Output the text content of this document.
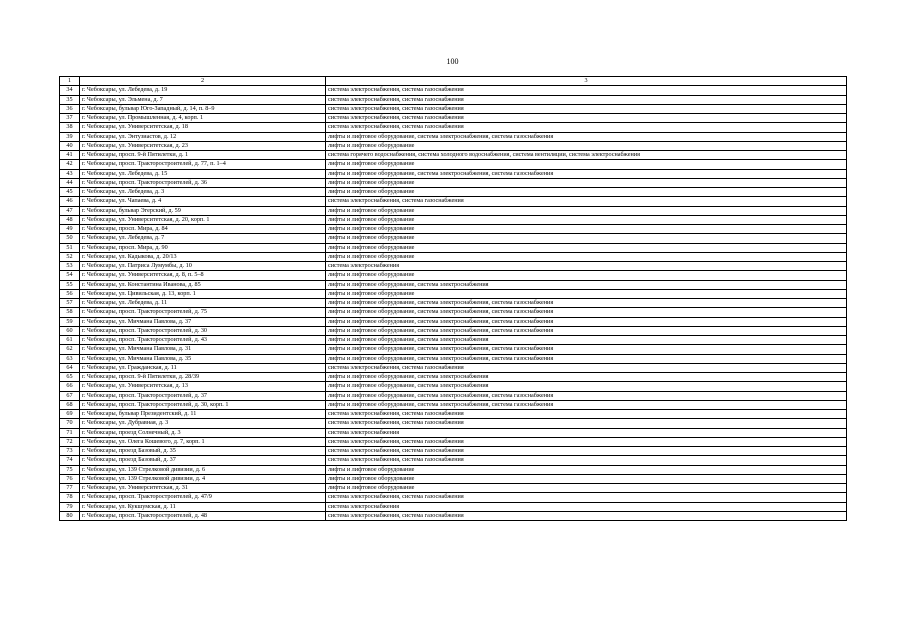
100
1	2	3
34	г. Чебоксары, ул. Лебедева, д. 19	система электроснабжения, система газоснабжения
35	г. Чебоксары, ул. Эльмена, д. 7	система электроснабжения, система газоснабжения
36	г. Чебоксары, бульвар Юго-Западный, д. 14, п. 8–9	система электроснабжения, система газоснабжения
37	г. Чебоксары, ул. Промышленная, д. 4, корп. 1	система электроснабжения, система газоснабжения
38	г. Чебоксары, ул. Университетская, д. 18	система электроснабжения, система газоснабжения
39	г. Чебоксары, ул. Энтузиастов, д. 12	лифты и лифтовое оборудование, система электроснабжения, система газоснабжения
40	г. Чебоксары, ул. Университетская, д. 23	лифты и лифтовое оборудование
41	г. Чебоксары, просп. 9-й Пятилетки, д. 1	система горячего водоснабжения, система холодного водоснабжения, система вентиляции, система электроснабжения
42	г. Чебоксары, просп. Тракторостроителей, д. 77, п. 1–4	лифты и лифтовое оборудование
43	г. Чебоксары, ул. Лебедева, д. 15	лифты и лифтовое оборудование, система электроснабжения, система газоснабжения
44	г. Чебоксары, просп. Тракторостроителей, д. 36	лифты и лифтовое оборудование
45	г. Чебоксары, ул. Лебедева, д. 3	лифты и лифтовое оборудование
46	г. Чебоксары, ул. Чапаева, д. 4	система электроснабжения, система газоснабжения
47	г. Чебоксары, бульвар Эгерский, д. 59	лифты и лифтовое оборудование
48	г. Чебоксары, ул. Университетская, д. 20, корп. 1	лифты и лифтовое оборудование
49	г. Чебоксары, просп. Мира, д. 84	лифты и лифтовое оборудование
50	г. Чебоксары, ул. Лебедева, д. 7	лифты и лифтовое оборудование
51	г. Чебоксары, просп. Мира, д. 90	лифты и лифтовое оборудование
52	г. Чебоксары, ул. Кадыкова, д. 20/13	лифты и лифтовое оборудование
53	г. Чебоксары, ул. Патриса Лумумбы, д. 10	система электроснабжения
54	г. Чебоксары, ул. Университетская, д. 8, п. 5–8	лифты и лифтовое оборудование
55	г. Чебоксары, ул. Константина Иванова, д. 85	лифты и лифтовое оборудование, система электроснабжения
56	г. Чебоксары, ул. Цивильская, д. 13, корп. 1	лифты и лифтовое оборудование
57	г. Чебоксары, ул. Лебедева, д. 11	лифты и лифтовое оборудование, система электроснабжения, система газоснабжения
58	г. Чебоксары, просп. Тракторостроителей, д. 75	лифты и лифтовое оборудование, система электроснабжения, система газоснабжения
59	г. Чебоксары, ул. Мичмана Павлова, д. 37	лифты и лифтовое оборудование, система электроснабжения, система газоснабжения
60	г. Чебоксары, просп. Тракторостроителей, д. 30	лифты и лифтовое оборудование, система электроснабжения, система газоснабжения
61	г. Чебоксары, просп. Тракторостроителей, д. 43	лифты и лифтовое оборудование, система электроснабжения
62	г. Чебоксары, ул. Мичмана Павлова, д. 31	лифты и лифтовое оборудование, система электроснабжения, система газоснабжения
63	г. Чебоксары, ул. Мичмана Павлова, д. 35	лифты и лифтовое оборудование, система электроснабжения, система газоснабжения
64	г. Чебоксары, ул. Гражданская, д. 11	система электроснабжения, система газоснабжения
65	г. Чебоксары, просп. 9-й Пятилетки, д. 28/39	лифты и лифтовое оборудование, система электроснабжения
66	г. Чебоксары, ул. Университетская, д. 13	лифты и лифтовое оборудование, система электроснабжения
67	г. Чебоксары, просп. Тракторостроителей, д. 37	лифты и лифтовое оборудование, система электроснабжения, система газоснабжения
68	г. Чебоксары, просп. Тракторостроителей, д. 30, корп. 1	лифты и лифтовое оборудование, система электроснабжения, система газоснабжения
69	г. Чебоксары, бульвар Президентский, д. 11	система электроснабжения, система газоснабжения
70	г. Чебоксары, ул. Дубравная, д. 3	система электроснабжения, система газоснабжения
71	г. Чебоксары, проезд Солнечный, д. 3	система электроснабжения
72	г. Чебоксары, ул. Олега Кошевого, д. 7, корп. 1	система электроснабжения, система газоснабжения
73	г. Чебоксары, проезд Базовый, д. 35	система электроснабжения, система газоснабжения
74	г. Чебоксары, проезд Базовый, д. 37	система электроснабжения, система газоснабжения
75	г. Чебоксары, ул. 139 Стрелковой дивизии, д. 6	лифты и лифтовое оборудование
76	г. Чебоксары, ул. 139 Стрелковой дивизии, д. 4	лифты и лифтовое оборудование
77	г. Чебоксары, ул. Университетская, д. 31	лифты и лифтовое оборудование
78	г. Чебоксары, просп. Тракторостроителей, д. 47/9	система электроснабжения, система газоснабжения
79	г. Чебоксары, ул. Кукшумская, д. 11	система электроснабжения
80	г. Чебоксары, просп. Тракторостроителей, д. 48	система электроснабжения, система газоснабжения
